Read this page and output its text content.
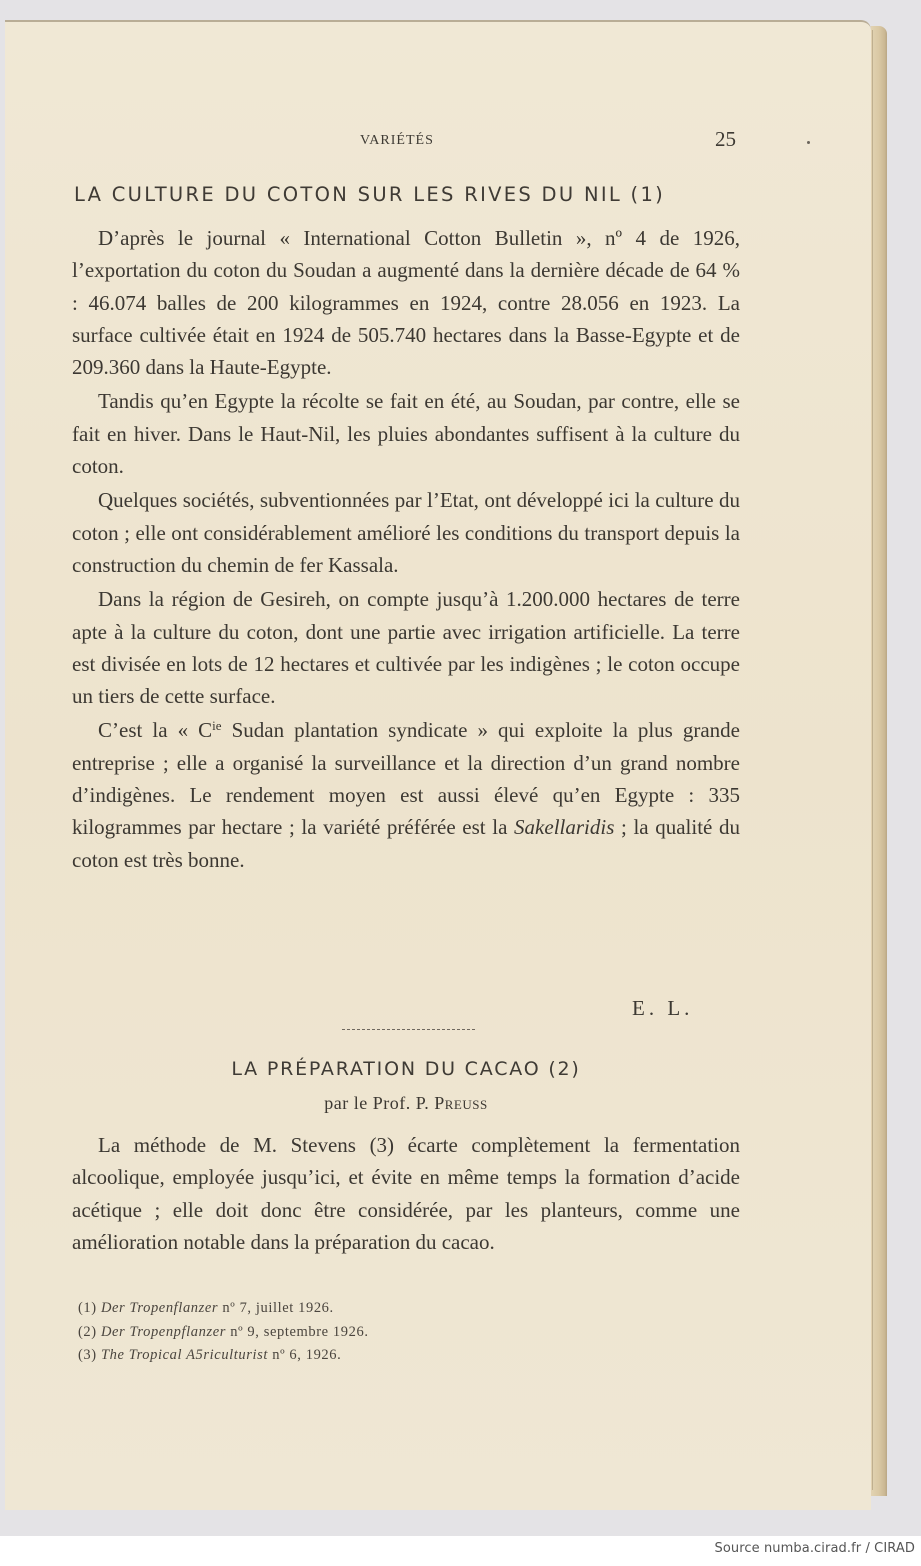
VARIÉTÉS	25
LA CULTURE DU COTON SUR LES RIVES DU NIL (1)

D’après le journal « International Cotton Bulletin », nº 4 de 1926, l’exportation du coton du Soudan a augmenté dans la dernière décade de 64 % : 46.074 balles de 200 kilogrammes en 1924, contre 28.056 en 1923. La surface cultivée était en 1924 de 505.740 hectares dans la Basse-Egypte et de 209.360 dans la Haute-Egypte.

Tandis qu’en Egypte la récolte se fait en été, au Soudan, par contre, elle se fait en hiver. Dans le Haut-Nil, les pluies abondantes suffisent à la culture du coton.

Quelques sociétés, subventionnées par l’Etat, ont développé ici la culture du coton ; elle ont considérablement amélioré les conditions du transport depuis la construction du chemin de fer Kassala.

Dans la région de Gesireh, on compte jusqu’à 1.200.000 hectares de terre apte à la culture du coton, dont une partie avec irrigation artificielle. La terre est divisée en lots de 12 hectares et cultivée par les indigènes ; le coton occupe un tiers de cette surface.

C’est la « $C^{ie}$ Sudan plantation syndicate » qui exploite la plus grande entreprise ; elle a organisé la surveillance et la direction d’un grand nombre d’indigènes. Le rendement moyen est aussi élevé qu’en Egypte : 335 kilogrammes par hectare ; la variété préférée est la Sakellaridis ; la qualité du coton est très bonne.

E. L.
LA PRÉPARATION DU CACAO (2)
par le Prof. P. Preuss

La méthode de M. Stevens (3) écarte complètement la fermentation alcoolique, employée jusqu’ici, et évite en même temps la formation d’acide acétique ; elle doit donc être considérée, par les planteurs, comme une amélioration notable dans la préparation du cacao.

(1) Der Tropenflanzer nº 7, juillet 1926.
(2) Der Tropenpflanzer nº 9, septembre 1926.
(3) The Tropical A5riculturist nº 6, 1926.
Source numba.cirad.fr / CIRAD
